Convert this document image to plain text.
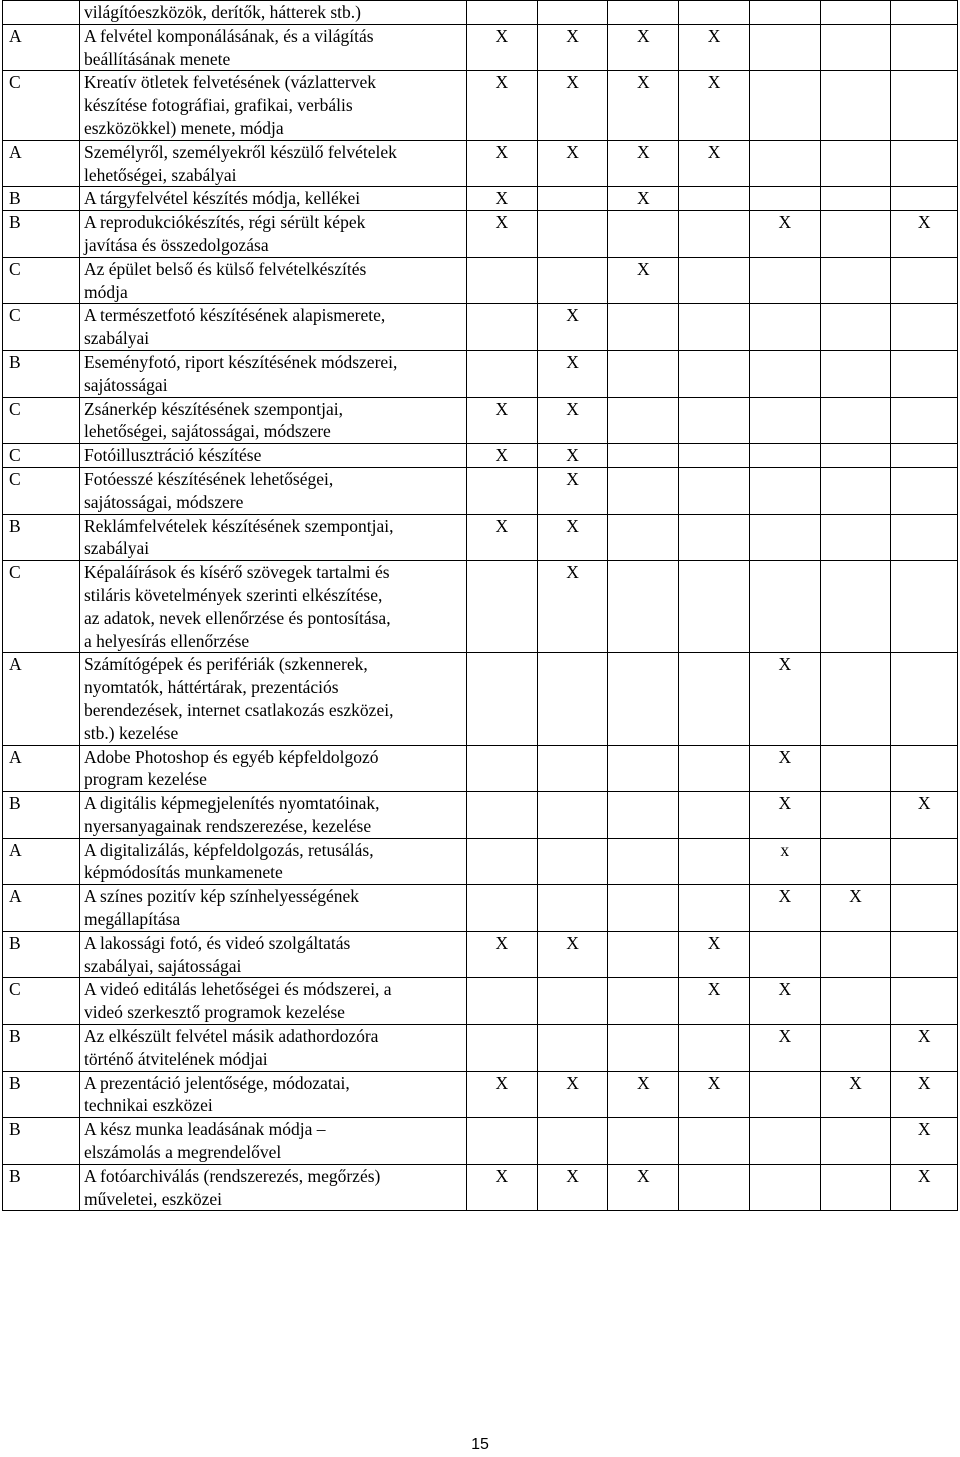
	világítóeszközök, derítők, hátterek stb.)							
A	A felvétel komponálásának, és a világítás
beállításának menete	X	X	X	X			
C	Kreatív ötletek felvetésének (vázlattervek
készítése fotográfiai, grafikai, verbális
eszközökkel) menete, módja	X	X	X	X			
A	Személyről, személyekről készülő felvételek
lehetőségei, szabályai	X	X	X	X			
B	A tárgyfelvétel készítés módja, kellékei	X		X				
B	A reprodukciókészítés, régi sérült képek
javítása és összedolgozása	X				X		X
C	Az épület belső és külső felvételkészítés
módja			X				
C	A természetfotó készítésének alapismerete,
szabályai		X					
B	Eseményfotó, riport készítésének módszerei,
sajátosságai		X					
C	Zsánerkép készítésének szempontjai,
lehetőségei, sajátosságai, módszere	X	X					
C	Fotóillusztráció készítése	X	X					
C	Fotóesszé készítésének lehetőségei,
sajátosságai, módszere		X					
B	Reklámfelvételek készítésének szempontjai,
szabályai	X	X					
C	Képaláírások és kísérő szövegek tartalmi és
stiláris követelmények szerinti elkészítése,
az adatok, nevek ellenőrzése és pontosítása,
a helyesírás ellenőrzése		X					
A	Számítógépek és perifériák (szkennerek,
nyomtatók, háttértárak, prezentációs
berendezések, internet csatlakozás eszközei,
stb.) kezelése					X		
A	Adobe Photoshop és egyéb képfeldolgozó
program kezelése					X		
B	A digitális képmegjelenítés nyomtatóinak,
nyersanyagainak rendszerezése, kezelése					X		X
A	A digitalizálás, képfeldolgozás, retusálás,
képmódosítás munkamenete					x		
A	A színes pozitív kép színhelyességének
megállapítása					X	X	
B	A lakossági fotó, és videó szolgáltatás
szabályai, sajátosságai	X	X		X			
C	A videó editálás lehetőségei és módszerei, a
videó szerkesztő programok kezelése				X	X		
B	Az elkészült felvétel másik adathordozóra
történő átvitelének módjai					X		X
B	A prezentáció jelentősége, módozatai,
technikai eszközei	X	X	X	X		X	X
B	A kész munka leadásának módja –
elszámolás a megrendelővel							X
B	A fotóarchiválás (rendszerezés, megőrzés)
műveletei, eszközei	X	X	X				X
15
